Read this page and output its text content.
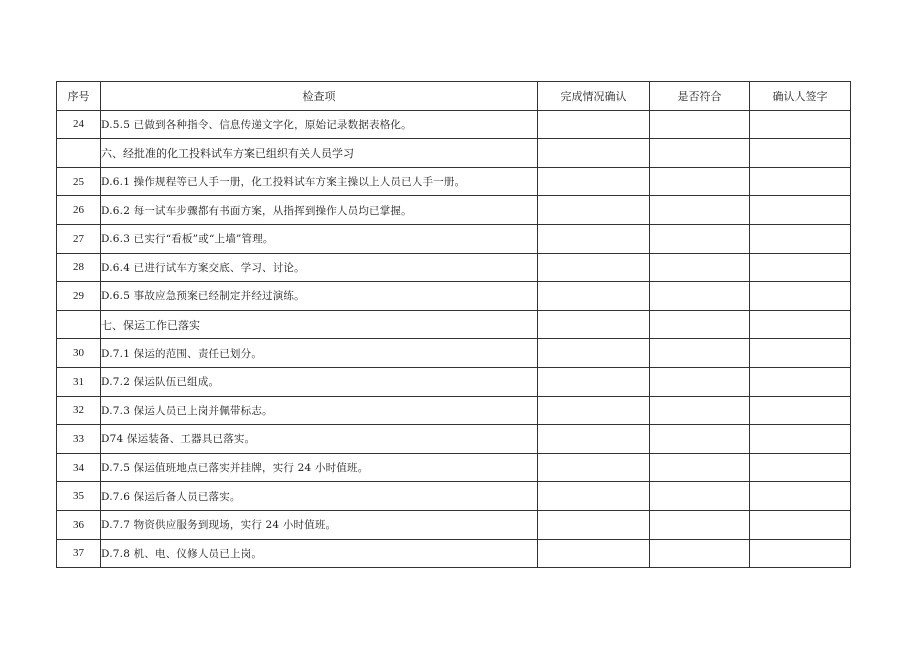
序号	检查项	完成情况确认	是否符合	确认人签字
24	D.5.5 已做到各种指令、信息传递文字化，原始记录数据表格化。			
	六、经批准的化工投料试车方案已组织有关人员学习			
25	D.6.1 操作规程等已人手一册，化工投料试车方案主操以上人员已人手一册。			
26	D.6.2 每一试车步骤都有书面方案，从指挥到操作人员均已掌握。			
27	D.6.3 已实行“看板”或“上墙”管理。			
28	D.6.4 已进行试车方案交底、学习、讨论。			
29	D.6.5 事故应急预案已经制定并经过演练。			
	七、保运工作已落实			
30	D.7.1 保运的范围、责任已划分。			
31	D.7.2 保运队伍已组成。			
32	D.7.3 保运人员已上岗并佩带标志。			
33	D74 保运装备、工器具已落实。			
34	D.7.5 保运值班地点已落实并挂牌，实行 24 小时值班。			
35	D.7.6 保运后备人员已落实。			
36	D.7.7 物资供应服务到现场，实行 24 小时值班。			
37	D.7.8 机、电、仪修人员已上岗。			
